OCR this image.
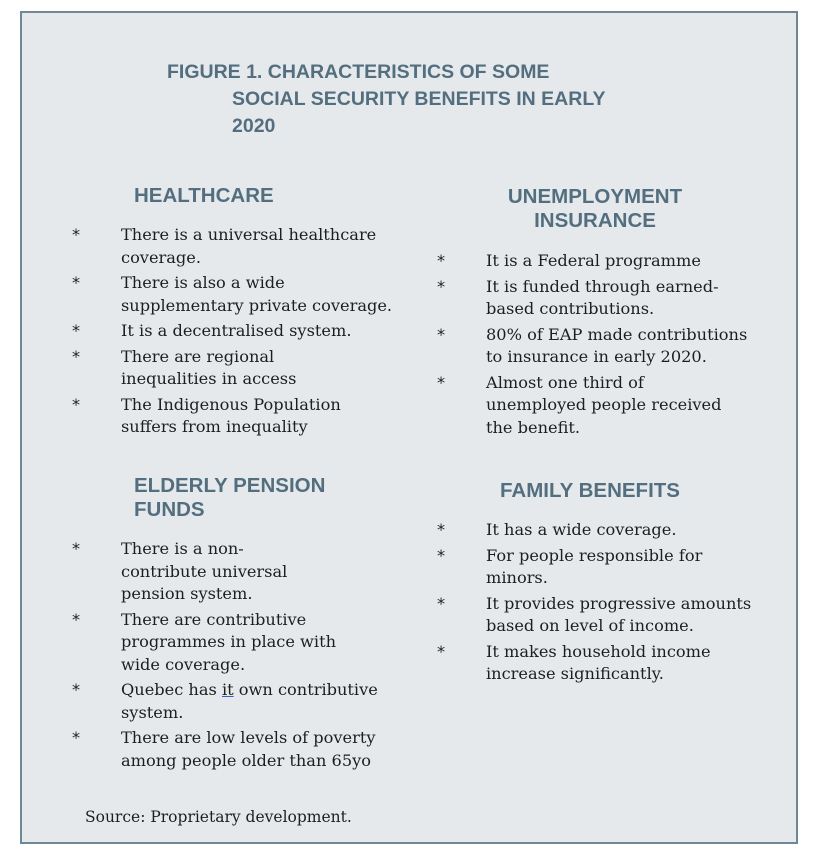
FIGURE 1. CHARACTERISTICS OF SOME
SOCIAL SECURITY BENEFITS IN EARLY
2020
HEALTHCARE
*	There is a universal healthcare
coverage.
*	There is also a wide
supplementary private coverage.
*	It is a decentralised system.
*	There are regional
inequalities in access
*	The Indigenous Population
suffers from inequality
UNEMPLOYMENT
INSURANCE
*	It is a Federal programme
*	It is funded through earned-
based contributions.
*	80% of EAP made contributions
to insurance in early 2020.
*	Almost one third of
unemployed people received
the benefit.
ELDERLY PENSION
FUNDS
*	There is a non-
contribute universal
pension system.
*	There are contributive
programmes in place with
wide coverage.
*	Quebec has it own contributive
system.
*	There are low levels of poverty
among people older than 65yo
FAMILY BENEFITS
*	It has a wide coverage.
*	For people responsible for
minors.
*	It provides progressive amounts
based on level of income.
*	It makes household income
increase significantly.
Source: Proprietary development.
